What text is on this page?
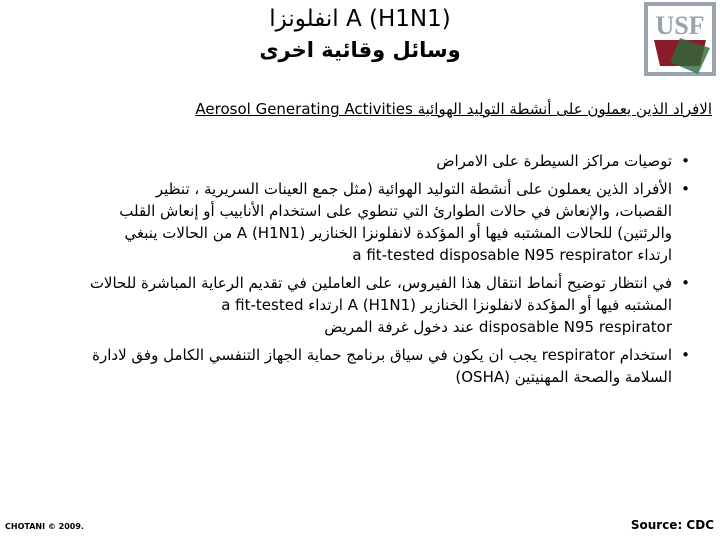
(H1N1) A انفلونزا
وسائل وقائية اخرى
USF
الافراد الذين يعملون على أنشطة التوليد الهوائية Aerosol Generating Activities
• توصيات مراكز السيطرة على الامراض
• الأفراد الذين يعملون على أنشطة التوليد الهوائية (مثل جمع العينات السريرية ، تنظير
القصبات، والإنعاش في حالات الطوارئ التي تنطوي على استخدام الأنابيب أو إنعاش القلب
والرئتين) للحالات المشتبه فيها أو المؤكدة لانفلونزا الخنازير A (H1N1) من الحالات ينبغي
ارتداء a fit-tested disposable N95 respirator
• في انتظار توضيح أنماط انتقال هذا الفيروس، على العاملين في تقديم الرعاية المباشرة للحالات
المشتبه فيها أو المؤكدة لانفلونزا الخنازير A (H1N1) ارتداء a fit-tested
disposable N95 respirator عند دخول غرفة المريض
• استخدام respirator يجب ان يكون في سياق برنامج حماية الجهاز التنفسي الكامل وفق لادارة
السلامة والصحة المهنيتين (OSHA)
CHOTANI © 2009.	Source: CDC
